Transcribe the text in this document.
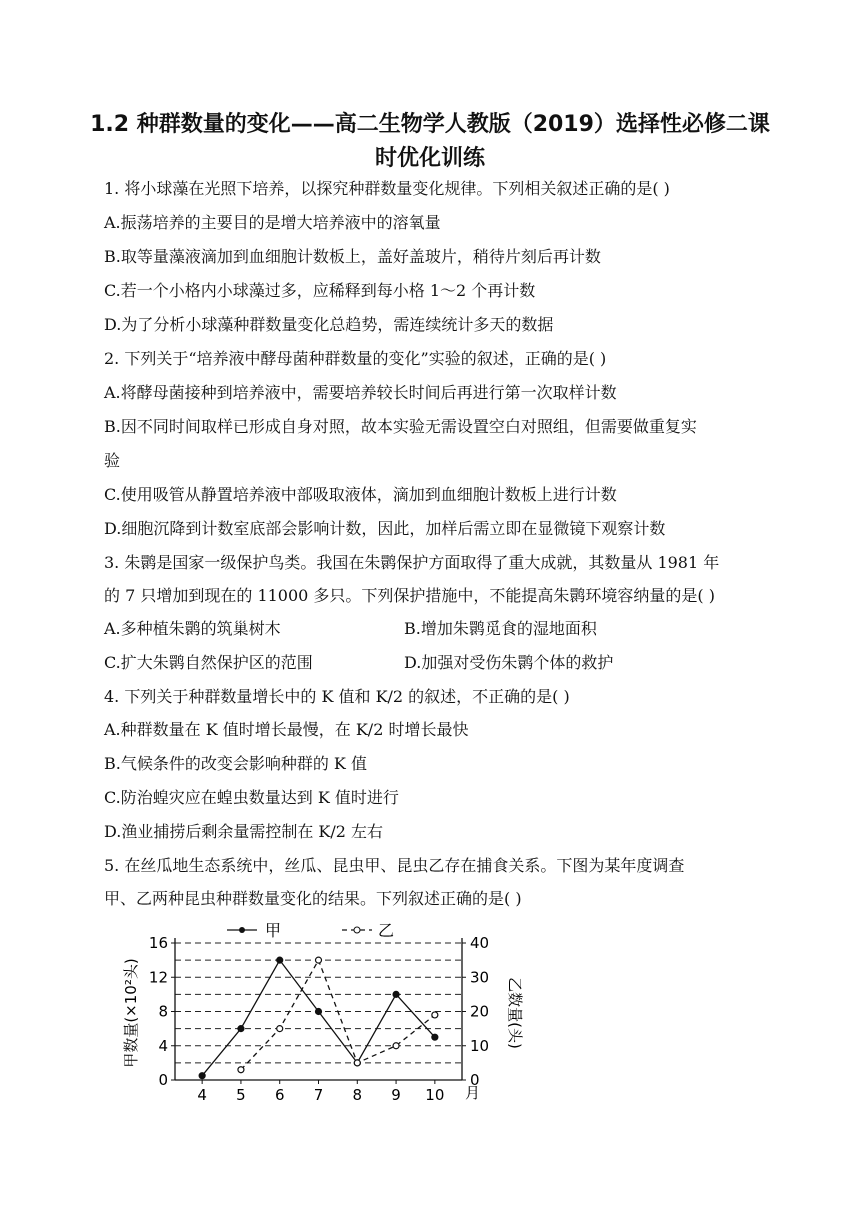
1.2 种群数量的变化——高二生物学人教版（2019）选择性必修二课
时优化训练
1. 将小球藻在光照下培养，以探究种群数量变化规律。下列相关叙述正确的是( )
A.振荡培养的主要目的是增大培养液中的溶氧量
B.取等量藻液滴加到血细胞计数板上，盖好盖玻片，稍待片刻后再计数
C.若一个小格内小球藻过多，应稀释到每小格 1～2 个再计数
D.为了分析小球藻种群数量变化总趋势，需连续统计多天的数据
2. 下列关于“培养液中酵母菌种群数量的变化”实验的叙述，正确的是( )
A.将酵母菌接种到培养液中，需要培养较长时间后再进行第一次取样计数
B.因不同时间取样已形成自身对照，故本实验无需设置空白对照组，但需要做重复实
验
C.使用吸管从静置培养液中部吸取液体，滴加到血细胞计数板上进行计数
D.细胞沉降到计数室底部会影响计数，因此，加样后需立即在显微镜下观察计数
3. 朱鹮是国家一级保护鸟类。我国在朱鹮保护方面取得了重大成就，其数量从 1981 年
的 7 只增加到现在的 11000 多只。下列保护措施中，不能提高朱鹮环境容纳量的是( )
A.多种植朱鹮的筑巢树木	B.增加朱鹮觅食的湿地面积
C.扩大朱鹮自然保护区的范围	D.加强对受伤朱鹮个体的救护
4. 下列关于种群数量增长中的 K 值和 K/2 的叙述，不正确的是( )
A.种群数量在 K 值时增长最慢，在 K/2 时增长最快
B.气候条件的改变会影响种群的 K 值
C.防治蝗灾应在蝗虫数量达到 K 值时进行
D.渔业捕捞后剩余量需控制在 K/2 左右
5. 在丝瓜地生态系统中，丝瓜、昆虫甲、昆虫乙存在捕食关系。下图为某年度调查
甲、乙两种昆虫种群数量变化的结果。下列叙述正确的是( )
0
4
8
12
16
0
10
20
30
40
4 5 6 7 8 9 10
甲数量(×10²头)	乙数量(头)
月
甲	乙
